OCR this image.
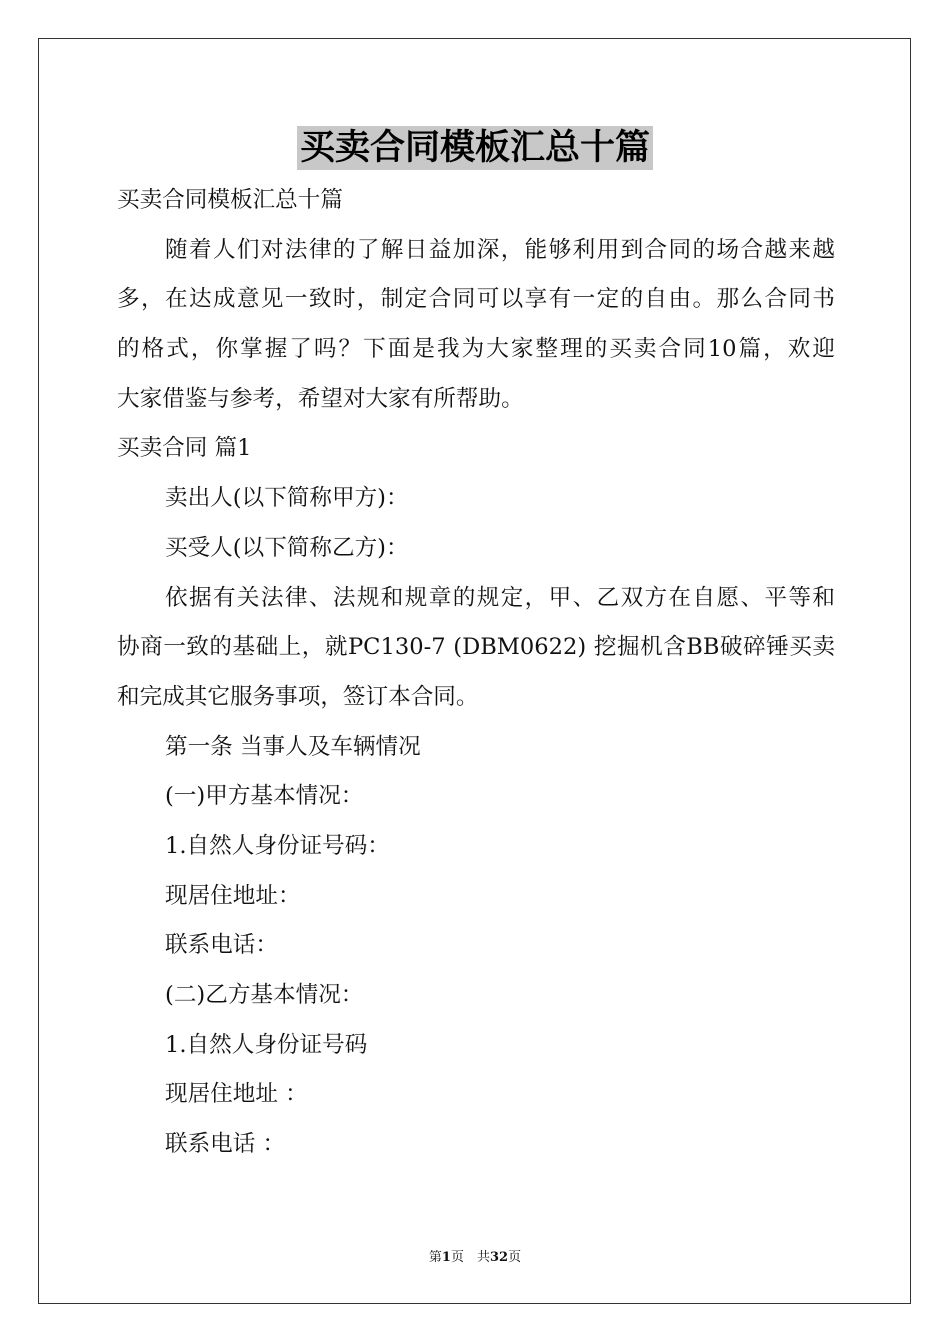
买卖合同模板汇总十篇
买卖合同模板汇总十篇
随着人们对法律的了解日益加深，能够利用到合同的场合越来越
多，在达成意见一致时，制定合同可以享有一定的自由。那么合同书
的格式，你掌握了吗？下面是我为大家整理的买卖合同10篇，欢迎
大家借鉴与参考，希望对大家有所帮助。
买卖合同 篇1
卖出人(以下简称甲方)：
买受人(以下简称乙方)：
依据有关法律、法规和规章的规定，甲、乙双方在自愿、平等和
协商一致的基础上，就PC130-7 (DBM0622) 挖掘机含BB破碎锤买卖
和完成其它服务事项，签订本合同。
第一条 当事人及车辆情况
(一)甲方基本情况：
1.自然人身份证号码：
现居住地址：
联系电话：
(二)乙方基本情况：
1.自然人身份证号码
现居住地址 ：
联系电话 ：
第1页　共32页
